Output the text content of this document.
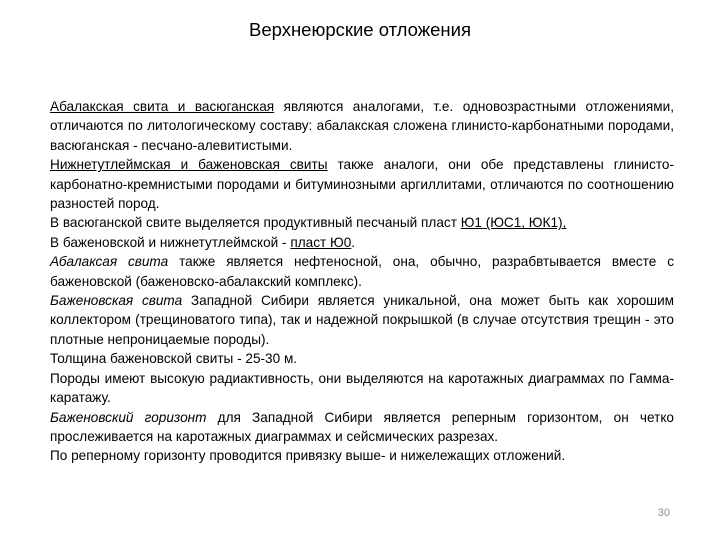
Верхнеюрские отложения

Абалакская свита и васюганская являются аналогами, т.е. одновозрастными отложениями, отличаются по литологическому составу: абалакская сложена глинисто-карбонатными породами, васюганская - песчано-алевитистыми.

Нижнетутлеймская и баженовская свиты также аналоги, они обе представлены глинисто-карбонатно-кремнистыми породами и битуминозными аргиллитами, отличаются по соотношению разностей пород.

В васюганской свите выделяется продуктивный песчаный пласт Ю1 (ЮС1, ЮК1),

В баженовской и нижнетутлеймской - пласт Ю0.

Абалаксая свита также является нефтеносной, она, обычно, разрабвтывается вместе с баженовской (баженовско-абалакский комплекс).

Баженовская свита Западной Сибири является уникальной, она может быть как хорошим коллектором (трещиноватого типа), так и надежной покрышкой (в случае отсутствия трещин - это плотные непроницаемые породы).

Толщина баженовской свиты - 25-30 м.

Породы имеют высокую радиактивность, они выделяются на каротажных диаграммах по Гамма-каратажу.

Баженовский горизонт для Западной Сибири является реперным горизонтом, он четко прослеживается на каротажных диаграммах и сейсмических разрезах.

По реперному горизонту проводится привязку выше- и нижележащих отложений.

30
